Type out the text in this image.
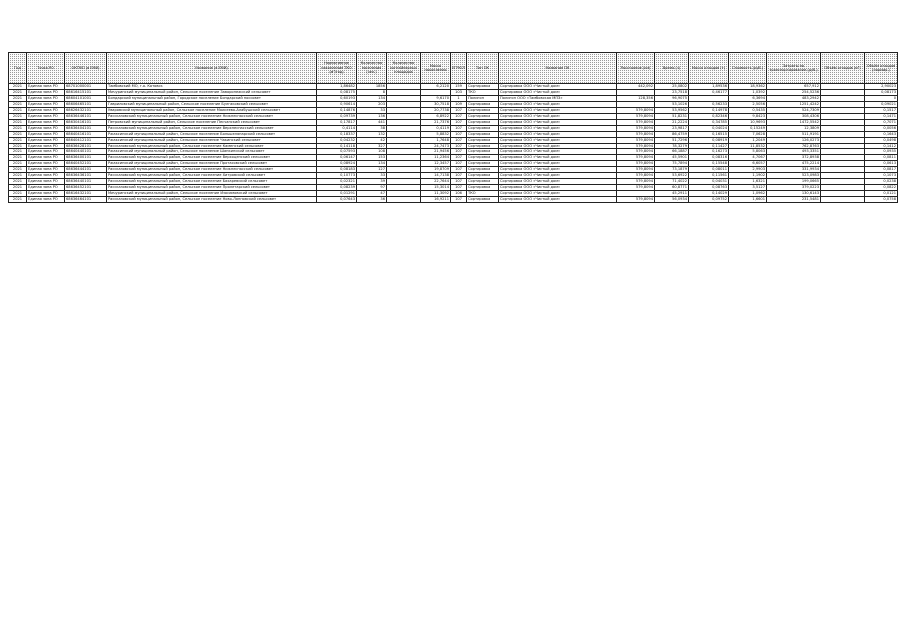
Год	Точка РО	ОКТМО (в ЕМИ)	Название (в ЕМИ)	Нормативное накопление ТКО (м³/год)	Количество населения (чел.)	Количество контейнерных площадок	Масса накопления	ЕГРЮЛ	Тип ОК	Название ОК	Расстояние (км)	Время (ч)	Масса отходов (т)	Стоимость (руб.)	Затраты на транспортирование (руб.)	Объём отходов (м³)	Объём отходов (нормир.)
2021	Единая зона РО	68701000001	Тамбовский МО, г.о. Котовск	1,86482	1856		6,2120	159	Сортировка	Сортировка ООО «Чистый дом»	442,092	25,0802	1,89536	18,9362	657,912		2,90023
2021	Единая зона РО	68616415101	Мичуринский муниципальный район, Сельское поселение Заворонежский сельсовет	0,08175	8			103	ТКО	Сортировка ООО «Чистый дом»		23,7518	0,46177	1,0392	254,5236		0,08173
2021	Единая зона РО	68604101001	Бондарский муниципальный район, Городское поселение Бондарский поссовет	0,60193	134		9,6170	1	Полигон	Полигон ООО «Тамбовская МПЗ»	128,356	96,9075		6,3694	483,2942		0
2021	Единая зона РО	68606465101	Гавриловский муниципальный район, Сельское поселение Булгаковский сельсовет	0,90614	203		30,7518	109	Сортировка	Сортировка ООО «Чистый дом»		53,1026	0,56233	2,5056	1251,4242		0,09021
2021	Единая зона РО	68626432101	Уваровский муниципальный район, Сельское поселение Моисеево-Алабушский сельсовет	0,14876	33		20,7738	107	Сортировка	Сортировка ООО «Чистый дом»	579,8094	53,9562	0,14978	0,5435	524,7309		0,1517
2021	Единая зона РО	68636446101	Рассказовский муниципальный район, Сельское поселение Нижнеспасский сельсовет	0,09739	136		6,8922	107	Сортировка	Сортировка ООО «Чистый дом»	579,8094	51,8231	0,82346	9,8423	308,4306		0,1471
2021	Единая зона РО	68630416101	Петровский муниципальный район, Сельское поселение Песчанский сельсовет	0,17817	441		21,7376	107	Сортировка	Сортировка ООО «Чистый дом»	579,8094	21,2224	0,34785	10,9693	1472,5542		0,7071
2021	Единая зона РО	68636404101	Рассказовский муниципальный район, Сельское поселение Верхнеспасский сельсовет	0,4114	38		0,4119	107	Сортировка	Сортировка ООО «Чистый дом»	579,8094	23,9817	0,04024	0,15249	12,3809		0,0056
2021	Единая зона РО	68640416101	Ржаксинский муниципальный район, Сельское поселение Большеляпарский сельсовет	0,18337	132		5,8832	107	Сортировка	Сортировка ООО «Чистый дом»	579,8094	86,4759	0,16515	7,0628	511,9191		0,1643
2021	Единая зона РО	68640412101	Ржаксинский муниципальный район, Сельское поселение Чакинский сельсовет	0,04232	42		1,7648	107	Сортировка	Сортировка ООО «Чистый дом»	579,8094	51,7296	0,08919	1,2049	126,0273		0,0498
2021	Единая зона РО	68636428101	Рассказовский муниципальный район, Сельское поселение Каменский сельсовет	0,14118	327		24,7473	107	Сортировка	Сортировка ООО «Чистый дом»	579,8094	78,3279	0,11427	11,8532	762,8763		0,1412
2021	Единая зона РО	68640440101	Ржаксинский муниципальный район, Сельское поселение Шапкинский сельсовет	0,07593	108		21,9456	107	Сортировка	Сортировка ООО «Чистый дом»	579,8094	66,1887	0,16273	5,8063	493,3351		0,0935
2021	Единая зона РО	68636400101	Рассказовский муниципальный район, Сельское поселение Верхоценский сельсовет	0,06147	153		11,2364	107	Сортировка	Сортировка ООО «Чистый дом»	579,8094	45,5901	0,08316	4,7067	372,8938		0,0811
2021	Единая зона РО	68640452101	Ржаксинский муниципальный район, Сельское поселение Протасовский сельсовет	0,08924	134		12,3457	107	Сортировка	Сортировка ООО «Чистый дом»	579,8094	75,7894	0,15548	6,6057	475,2214		0,0613
2021	Единая зона РО	68636444101	Рассказовский муниципальный район, Сельское поселение Нижнеспасский сельсовет	0,08183	127		19,8709	107	Сортировка	Сортировка ООО «Чистый дом»	579,8094	73,1879	0,08011	2,9903	331,9934		0,0817
2021	Единая зона РО	68636436101	Рассказовский муниципальный район, Сельское поселение Хитровский сельсовет	0,10773	33		14,7138	107	Сортировка	Сортировка ООО «Чистый дом»	579,8094	53,6922	0,11561	1,1902	523,0983		0,1073
2021	Единая зона РО	68636440101	Рассказовский муниципальный район, Сельское поселение Бахаревский сельсовет	0,02321	39		22,7644	107	Сортировка	Сортировка ООО «Чистый дом»	579,8094	71,4022	0,04031	1,6321	199,0665		0,0238
2021	Единая зона РО	68636452101	Рассказовский муниципальный район, Сельское поселение Пролетарский сельсовет	0,08239	97		15,3014	107	Сортировка	Сортировка ООО «Чистый дом»	579,8094	60,8771	0,08763	3,5127	379,0223		0,0822
2021	Единая зона РО	68616432101	Мичуринский муниципальный район, Сельское поселение Изосимовский сельсовет	0,01291	47		11,3092	106	ТКО	Сортировка ООО «Чистый дом»		45,2911	0,14029	1,0962	130,6143		0,0121
2021	Единая зона РО	68636464101	Рассказовский муниципальный район, Сельское поселение Ново-Ляпповский сельсовет	0,07643	36		16,9211	107	Сортировка	Сортировка ООО «Чистый дом»	579,8094	56,0934	0,09752	1,6601	231,5481		0,0758
